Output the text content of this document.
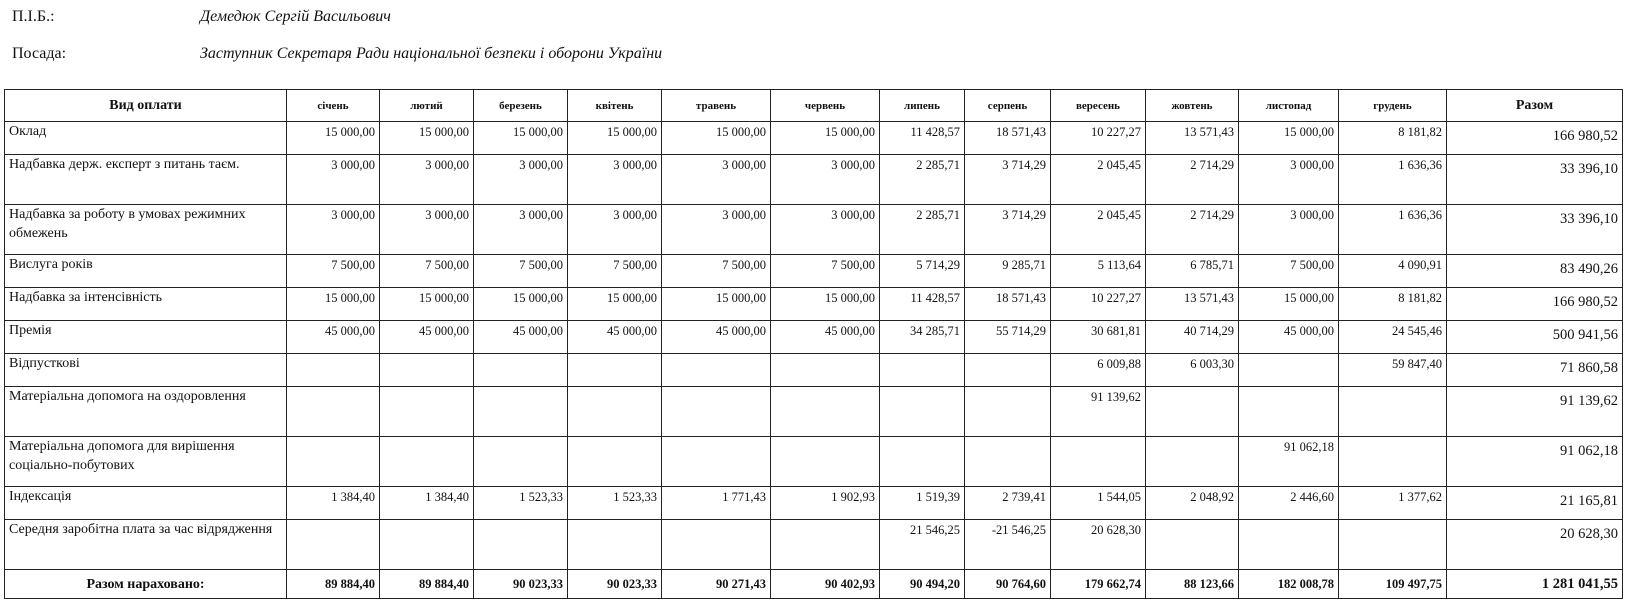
П.І.Б.:	Демедюк Сергій Васильович
Посада:	Заступник Секретаря Ради національної безпеки і оборони України
Вид оплати	січень	лютий	березень	квітень	травень	червень	липень	серпень	вересень	жовтень	листопад	грудень	Разом
Оклад	15 000,00	15 000,00	15 000,00	15 000,00	15 000,00	15 000,00	11 428,57	18 571,43	10 227,27	13 571,43	15 000,00	8 181,82	166 980,52
Надбавка держ. експерт з питань таєм.	3 000,00	3 000,00	3 000,00	3 000,00	3 000,00	3 000,00	2 285,71	3 714,29	2 045,45	2 714,29	3 000,00	1 636,36	33 396,10
Надбавка за роботу в умовах режимних обмежень	3 000,00	3 000,00	3 000,00	3 000,00	3 000,00	3 000,00	2 285,71	3 714,29	2 045,45	2 714,29	3 000,00	1 636,36	33 396,10
Вислуга років	7 500,00	7 500,00	7 500,00	7 500,00	7 500,00	7 500,00	5 714,29	9 285,71	5 113,64	6 785,71	7 500,00	4 090,91	83 490,26
Надбавка за інтенсівність	15 000,00	15 000,00	15 000,00	15 000,00	15 000,00	15 000,00	11 428,57	18 571,43	10 227,27	13 571,43	15 000,00	8 181,82	166 980,52
Премія	45 000,00	45 000,00	45 000,00	45 000,00	45 000,00	45 000,00	34 285,71	55 714,29	30 681,81	40 714,29	45 000,00	24 545,46	500 941,56
Відпусткові									6 009,88	6 003,30		59 847,40	71 860,58
Матеріальна допомога на оздоровлення									91 139,62				91 139,62
Матеріальна допомога для вирішення соціально-побутових											91 062,18		91 062,18
Індексація	1 384,40	1 384,40	1 523,33	1 523,33	1 771,43	1 902,93	1 519,39	2 739,41	1 544,05	2 048,92	2 446,60	1 377,62	21 165,81
Середня заробітна плата за час відрядження							21 546,25	-21 546,25	20 628,30				20 628,30
Разом нараховано:	89 884,40	89 884,40	90 023,33	90 023,33	90 271,43	90 402,93	90 494,20	90 764,60	179 662,74	88 123,66	182 008,78	109 497,75	1 281 041,55
